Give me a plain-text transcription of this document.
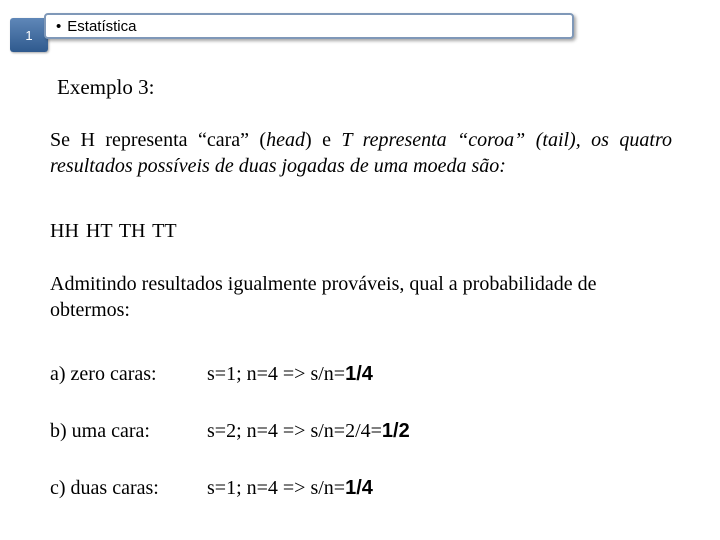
1
• Estatística
Exemplo 3:
Se H representa “cara” (head) e T representa “coroa” (tail), os quatro resultados possíveis de duas jogadas de uma moeda são:
HH HT TH TT
Admitindo resultados igualmente prováveis, qual a probabilidade de obtermos:
a) zero caras:	s=1; n=4 => s/n=1/4
b) uma cara:	s=2; n=4 => s/n=2/4=1/2
c) duas caras: s=1; n=4 => s/n=1/4
